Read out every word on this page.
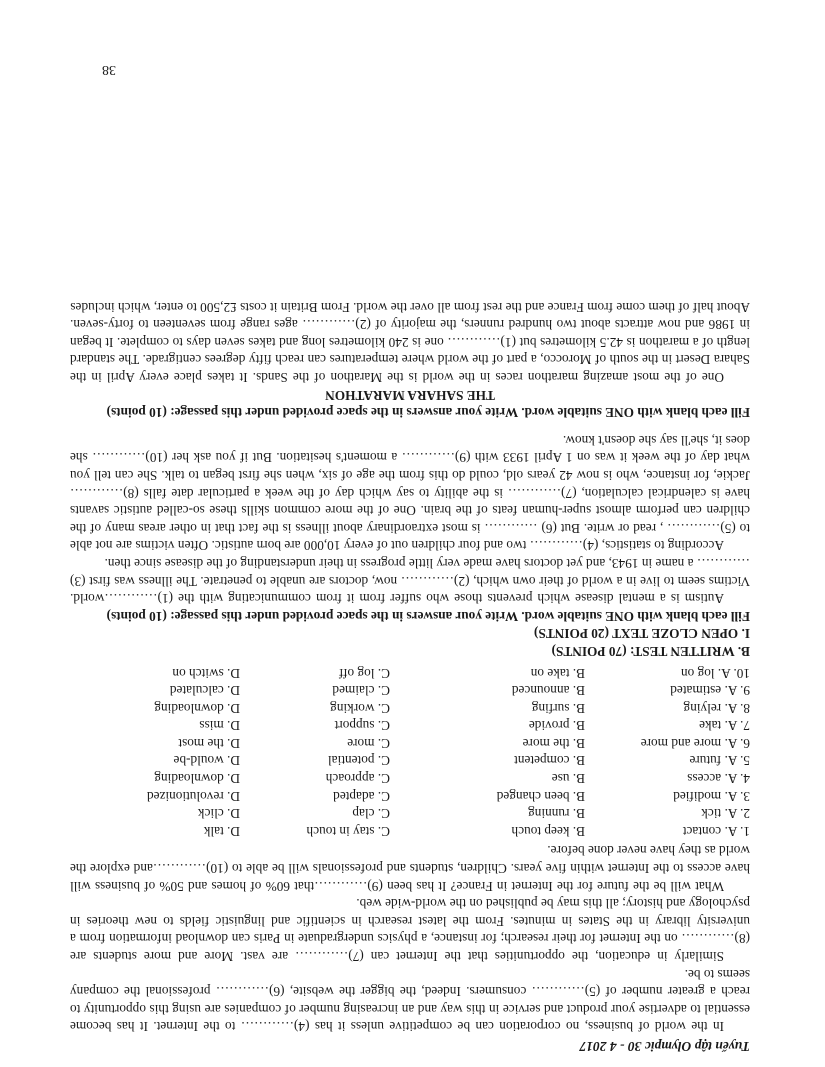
Tuyển tập Olympic 30 - 4 2017

In the world of business, no corporation can be competitive unless it has (4)………… to the Internet. It has become essential to advertise your product and service in this way and an increasing number of companies are using this opportunity to reach a greater number of (5)………… consumers. Indeed, the bigger the website, (6)………… professional the company seems to be.

Similarly in education, the opportunities that the Internet can (7)………… are vast. More and more students are (8)………… on the Internet for their research; for instance, a physics undergraduate in Paris can download information from a university library in the States in minutes. From the latest research in scientific and linguistic fields to new theories in psychology and history; all this may be published on the world-wide web.

What will be the future for the Internet in France? It has been (9)…………that 60% of homes and 50% of business will have access to the Internet within five years. Children, students and professionals will be able to (10)…………and explore the world as they have never done before.

1. A. contact	B. keep touch	C. stay in touch	D. talk
2. A. tick	B. running	C. clap	D. click
3. A. modified	B. been changed	C. adapted	D. revolutionized
4. A. access	B. use	C. approach	D. downloading
5. A. future	B. competent	C. potential	D. would-be
6. A. more and more	B. the more	C. more	D. the most
7. A. take	B. provide	C. support	D. miss
8. A. relying	B. surfing	C. working	D. downloading
9. A. estimated	B. announced	C. claimed	D. calculated
10. A. log on	B. take on	C. log off	D. switch on

B. WRITTEN TEST: (70 POINTS)

I. OPEN CLOZE TEXT (20 POINTS)

Fill each blank with ONE suitable word. Write your answers in the space provided under this passage: (10 points)

Autism is a mental disease which prevents those who suffer from it from communicating with the (1)…………world. Victims seem to live in a world of their own which, (2)………… now, doctors are unable to penetrate. The illness was first (3) ………… a name in 1943, and yet doctors have made very little progress in their understanding of the disease since then.

According to statistics, (4)………… two and four children out of every 10,000 are born autistic. Often victims are not able to (5)………… , read or write. But (6) ………… is most extraordinary about illness is the fact that in other areas many of the children can perform almost super-human feats of the brain. One of the more common skills these so-called autistic savants have is calendrical calculation, (7)………… is the ability to say which day of the week a particular date falls (8)………… Jackie, for instance, who is now 42 years old, could do this from the age of six, when she first began to talk. She can tell you what day of the week it was on 1 April 1933 with (9)………… a moment's hesitation. But if you ask her (10)………… she does it, she'll say she doesn't know.

Fill each blank with ONE suitable word. Write your answers in the space provided under this passage: (10 points)

THE SAHARA MARATHON

One of the most amazing marathon races in the world is the Marathon of the Sands. It takes place every April in the Sahara Desert in the south of Morocco, a part of the world where temperatures can reach fifty degrees centigrade. The standard length of a marathon is 42.5 kilometres but (1)………… one is 240 kilometres long and takes seven days to complete. It began in 1986 and now attracts about two hundred runners, the majority of (2)………… ages range from seventeen to forty-seven. About half of them come from France and the rest from all over the world. From Britain it costs £2,500 to enter, which includes

38
